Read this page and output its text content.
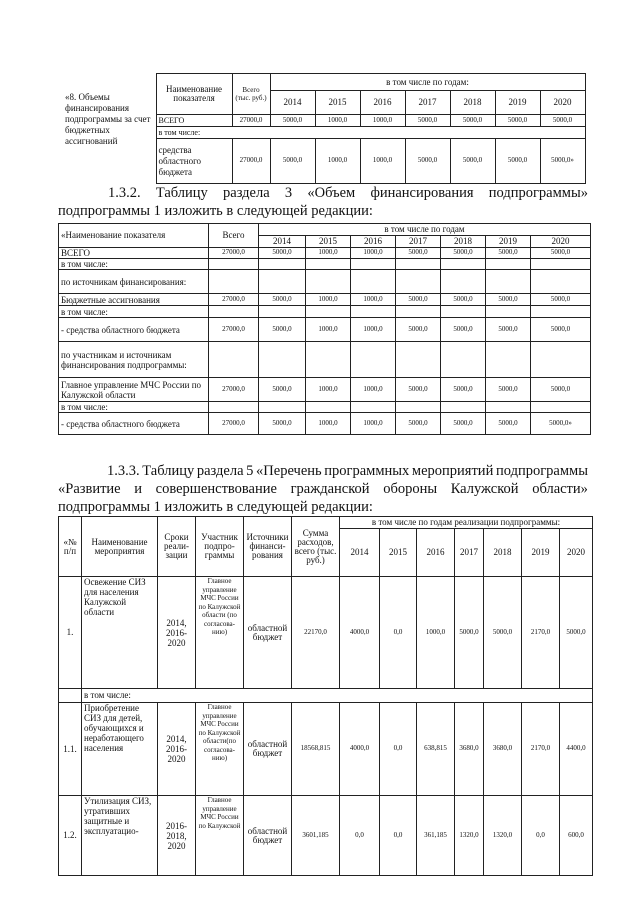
«8. Объемы финансирования подпрограммы за счет бюджетных ассигнований	Наименование показателя	Всего (тыс. руб.)	в том числе по годам:						
			2014	2015	2016	2017	2018	2019	2020
	ВСЕГО	27000,0	5000,0	1000,0	1000,0	5000,0	5000,0	5000,0	5000,0
	в том числе:								
	средства областного бюджета	27000,0	5000,0	1000,0	1000,0	5000,0	5000,0	5000,0	5000,0»
1.3.2. Таблицу раздела 3 «Объем финансирования подпрограммы»
подпрограммы 1 изложить в следующей редакции:
«Наименование показателя	Всего	в том числе по годам						
		2014	2015	2016	2017	2018	2019	2020
ВСЕГО	27000,0	5000,0	1000,0	1000,0	5000,0	5000,0	5000,0	5000,0
в том числе:								
по источникам финансирования:								
Бюджетные ассигнования	27000,0	5000,0	1000,0	1000,0	5000,0	5000,0	5000,0	5000,0
в том числе:								
- средства областного бюджета	27000,0	5000,0	1000,0	1000,0	5000,0	5000,0	5000,0	5000,0
по участникам и источникам финансирования подпрограммы:								
Главное управление МЧС России по Калужской области	27000,0	5000,0	1000,0	1000,0	5000,0	5000,0	5000,0	5000,0
в том числе:								
- средства областного бюджета	27000,0	5000,0	1000,0	1000,0	5000,0	5000,0	5000,0	5000,0»
1.3.3. Таблицу раздела 5 «Перечень программных мероприятий подпрограммы
«Развитие и совершенствование гражданской обороны Калужской области»
подпрограммы 1 изложить в следующей редакции:
«№ п/п	Наименование мероприятия	Сроки реали-зации	Участник подпро-граммы	Источники финанси-рования	Сумма расходов, всего (тыс. руб.)	в том числе по годам реализации подпрограммы:						
						2014	2015	2016	2017	2018	2019	2020
1.	Освежение СИЗ для населения Калужской области	2014, 2016-2020	Главное управление МЧС России по Калужской области (по согласова-нию)	областной бюджет	22170,0	4000,0	0,0	1000,0	5000,0	5000,0	2170,0	5000,0
	в том числе:											
1.1.	Приобретение СИЗ для детей, обучающихся и неработающего населения	2014, 2016-2020	Главное управление МЧС России по Калужской области(по согласова-нию)	областной бюджет	18568,815	4000,0	0,0	638,815	3680,0	3680,0	2170,0	4400,0
1.2.	Утилизация СИЗ, утративших защитные и эксплуатацио-	2016-2018, 2020	Главное управление МЧС России по Калужской	областной бюджет	3601,185	0,0	0,0	361,185	1320,0	1320,0	0,0	600,0
